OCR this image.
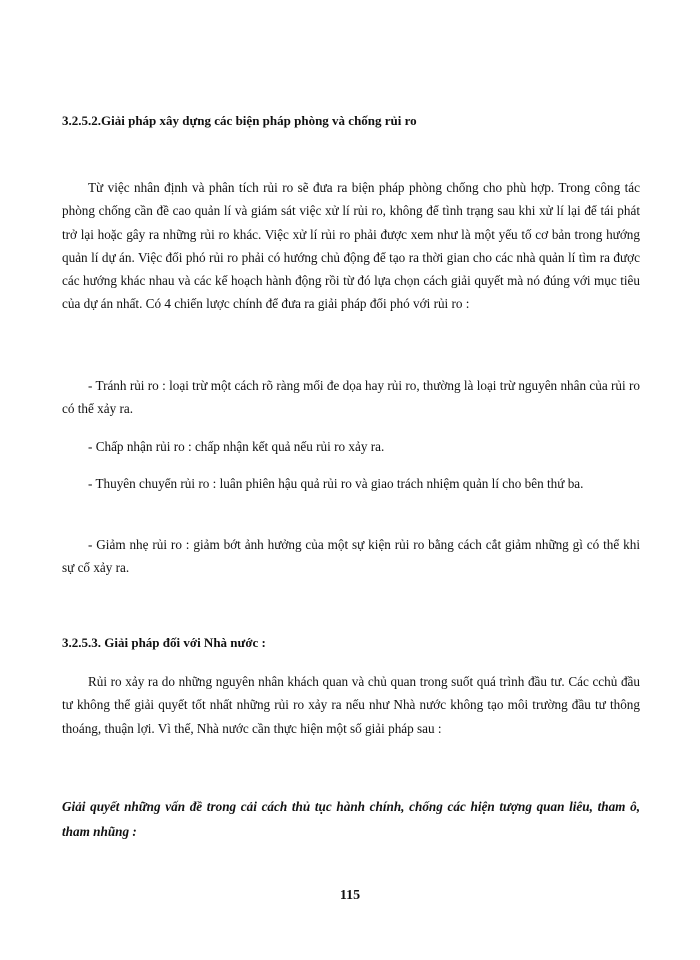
3.2.5.2.Giải pháp xây dựng các biện pháp phòng và chống rủi ro

Từ việc nhân định và phân tích rủi ro sẽ đưa ra biện pháp phòng chống cho phù hợp. Trong công tác phòng chống cần đề cao quản lí và giám sát việc xử lí rủi ro, không để tình trạng sau khi xử lí lại để tái phát trở lại hoặc gây ra những rủi ro khác. Việc xử lí rủi ro phải được xem như là một yếu tố cơ bản trong hướng quản lí dự án. Việc đối phó rủi ro phải có hướng chủ động để tạo ra thời gian cho các nhà quản lí tìm ra được các hướng khác nhau và các kế hoạch hành động rồi từ đó lựa chọn cách giải quyết mà nó đúng với mục tiêu của dự án nhất. Có 4 chiến lược chính để đưa ra giải pháp đối phó với rủi ro :

- Tránh rủi ro : loại trừ một cách rõ ràng mối đe dọa hay rủi ro, thường là loại trừ nguyên nhân của rủi ro có thể xảy ra.

- Chấp nhận rủi ro : chấp nhận kết quả nếu rủi ro xảy ra.

- Thuyên chuyển rủi ro : luân phiên hậu quả rủi ro và giao trách nhiệm quản lí cho bên thứ ba.

- Giảm nhẹ rủi ro : giảm bớt ảnh hưởng của một sự kiện rủi ro bằng cách cắt giảm những gì có thể khi sự cố xảy ra.

3.2.5.3. Giải pháp đối với Nhà nước :

Rủi ro xảy ra do những nguyên nhân khách quan và chủ quan trong suốt quá trình đầu tư. Các cchủ đầu tư không thể giải quyết tốt nhất những rủi ro xảy ra nếu như Nhà nước không tạo môi trường đầu tư thông thoáng, thuận lợi. Vì thế, Nhà nước cần thực hiện một số giải pháp sau :

Giải quyết những vấn đề trong cải cách thủ tục hành chính, chống các hiện tượng quan liêu, tham ô, tham nhũng :

115
